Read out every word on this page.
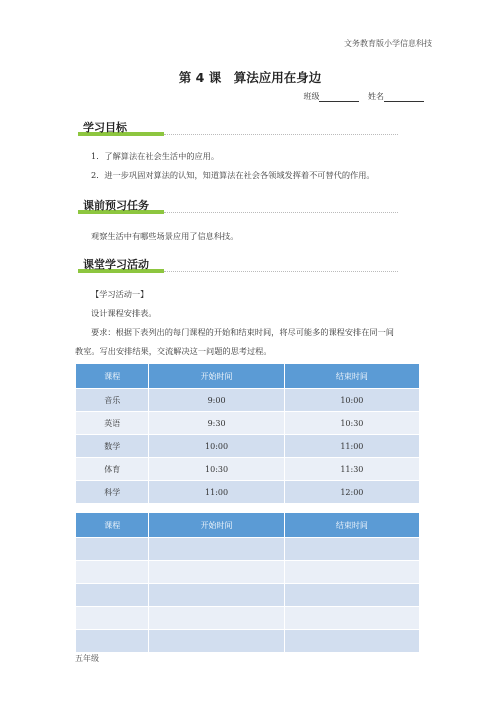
文务教育版小学信息科技
第 4 课　算法应用在身边
班级	姓名
学习目标
1．了解算法在社会生活中的应用。
2．进一步巩固对算法的认知，知道算法在社会各领域发挥着不可替代的作用。
课前预习任务
观察生活中有哪些场景应用了信息科技。
课堂学习活动
【学习活动一】
设计课程安排表。
要求：根据下表列出的每门课程的开始和结束时间，将尽可能多的课程安排在同一间
教室。写出安排结果，交流解决这一问题的思考过程。
课程	开始时间	结束时间
音乐	9:00	10:00
英语	9:30	10:30
数学	10:00	11:00
体育	10:30	11:30
科学	11:00	12:00
课程	开始时间	结束时间

五年级
